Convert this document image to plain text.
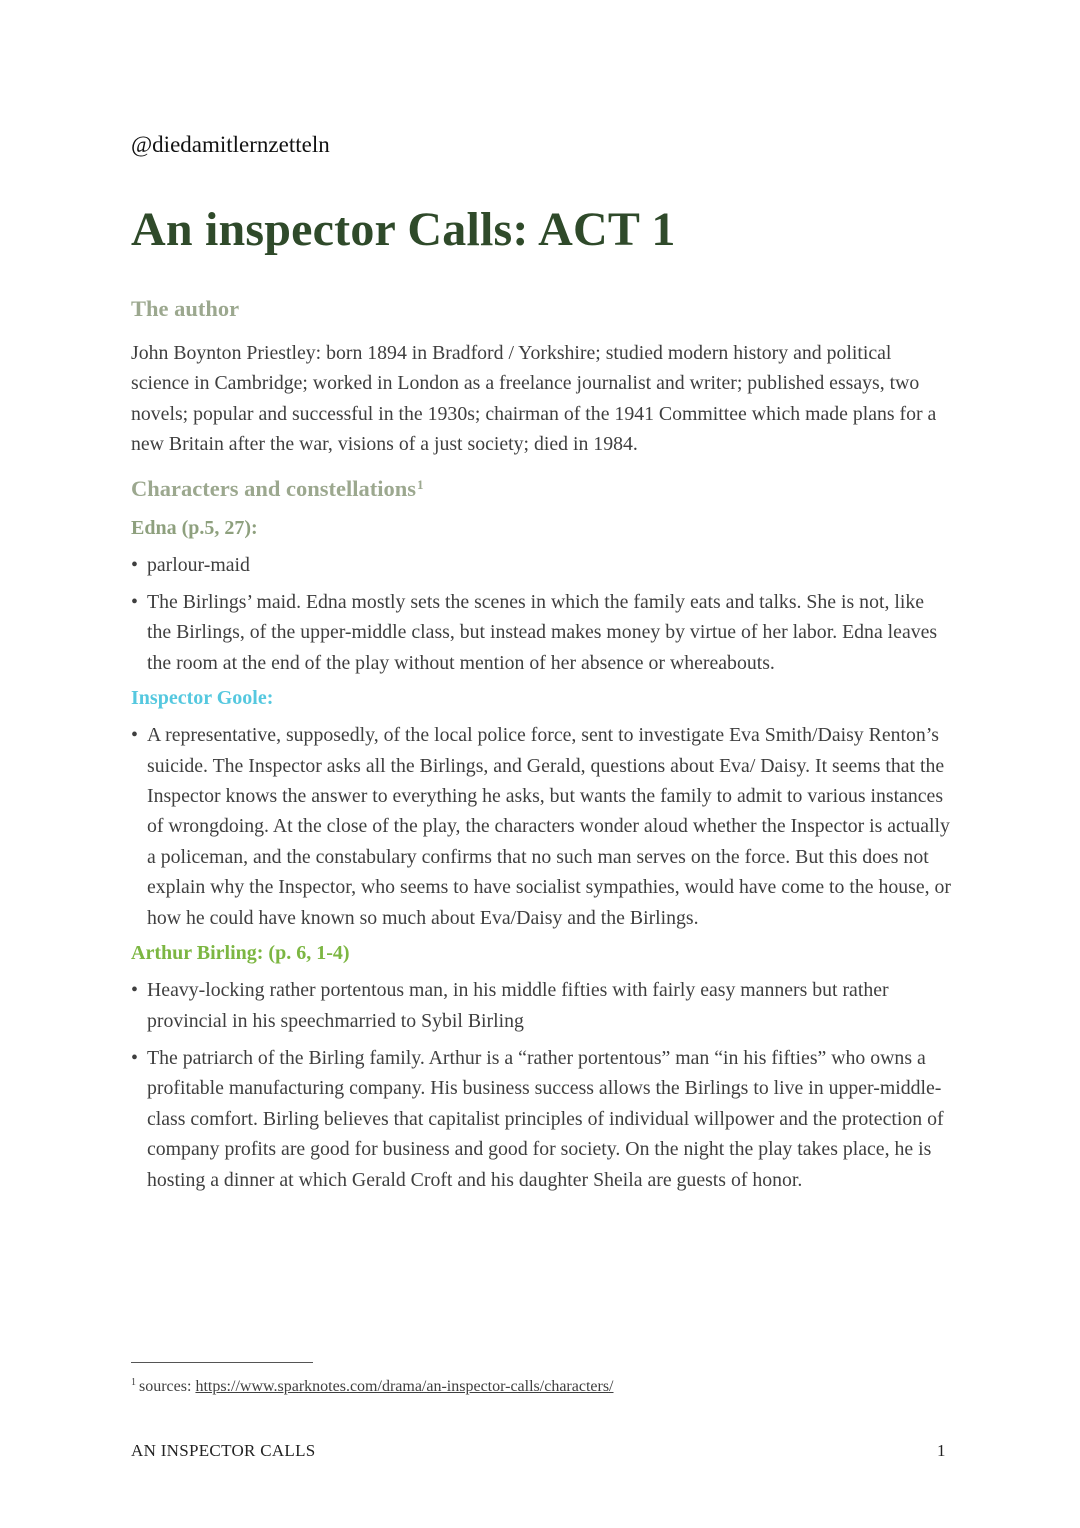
@diedamitlernzetteln
An inspector Calls: ACT 1
The author

John Boynton Priestley: born 1894 in Bradford / Yorkshire; studied modern history and political science in Cambridge; worked in London as a freelance journalist and writer; published essays, two novels; popular and successful in the 1930s; chairman of the 1941 Committee which made plans for a new Britain after the war, visions of a just society; died in 1984.

Characters and constellations$^1$
Edna (p.5, 27):
• parlour-maid
• The Birlings’ maid. Edna mostly sets the scenes in which the family eats and talks. She is not, like the Birlings, of the upper-middle class, but instead makes money by virtue of her labor. Edna leaves the room at the end of the play without mention of her absence or whereabouts.
Inspector Goole:
• A representative, supposedly, of the local police force, sent to investigate Eva Smith/Daisy Renton’s suicide. The Inspector asks all the Birlings, and Gerald, questions about Eva/ Daisy. It seems that the Inspector knows the answer to everything he asks, but wants the family to admit to various instances of wrongdoing. At the close of the play, the characters wonder aloud whether the Inspector is actually a policeman, and the constabulary confirms that no such man serves on the force. But this does not explain why the Inspector, who seems to have socialist sympathies, would have come to the house, or how he could have known so much about Eva/Daisy and the Birlings.
Arthur Birling: (p. 6, 1-4)
• Heavy-locking rather portentous man, in his middle fifties with fairly easy manners but rather provincial in his speechmarried to Sybil Birling
• The patriarch of the Birling family. Arthur is a “rather portentous” man “in his fifties” who owns a profitable manufacturing company. His business success allows the Birlings to live in upper-middle-class comfort. Birling believes that capitalist principles of individual willpower and the protection of company profits are good for business and good for society. On the night the play takes place, he is hosting a dinner at which Gerald Croft and his daughter Sheila are guests of honor.
$^1$ sources: https://www.sparknotes.com/drama/an-inspector-calls/characters/
AN INSPECTOR CALLS	1
